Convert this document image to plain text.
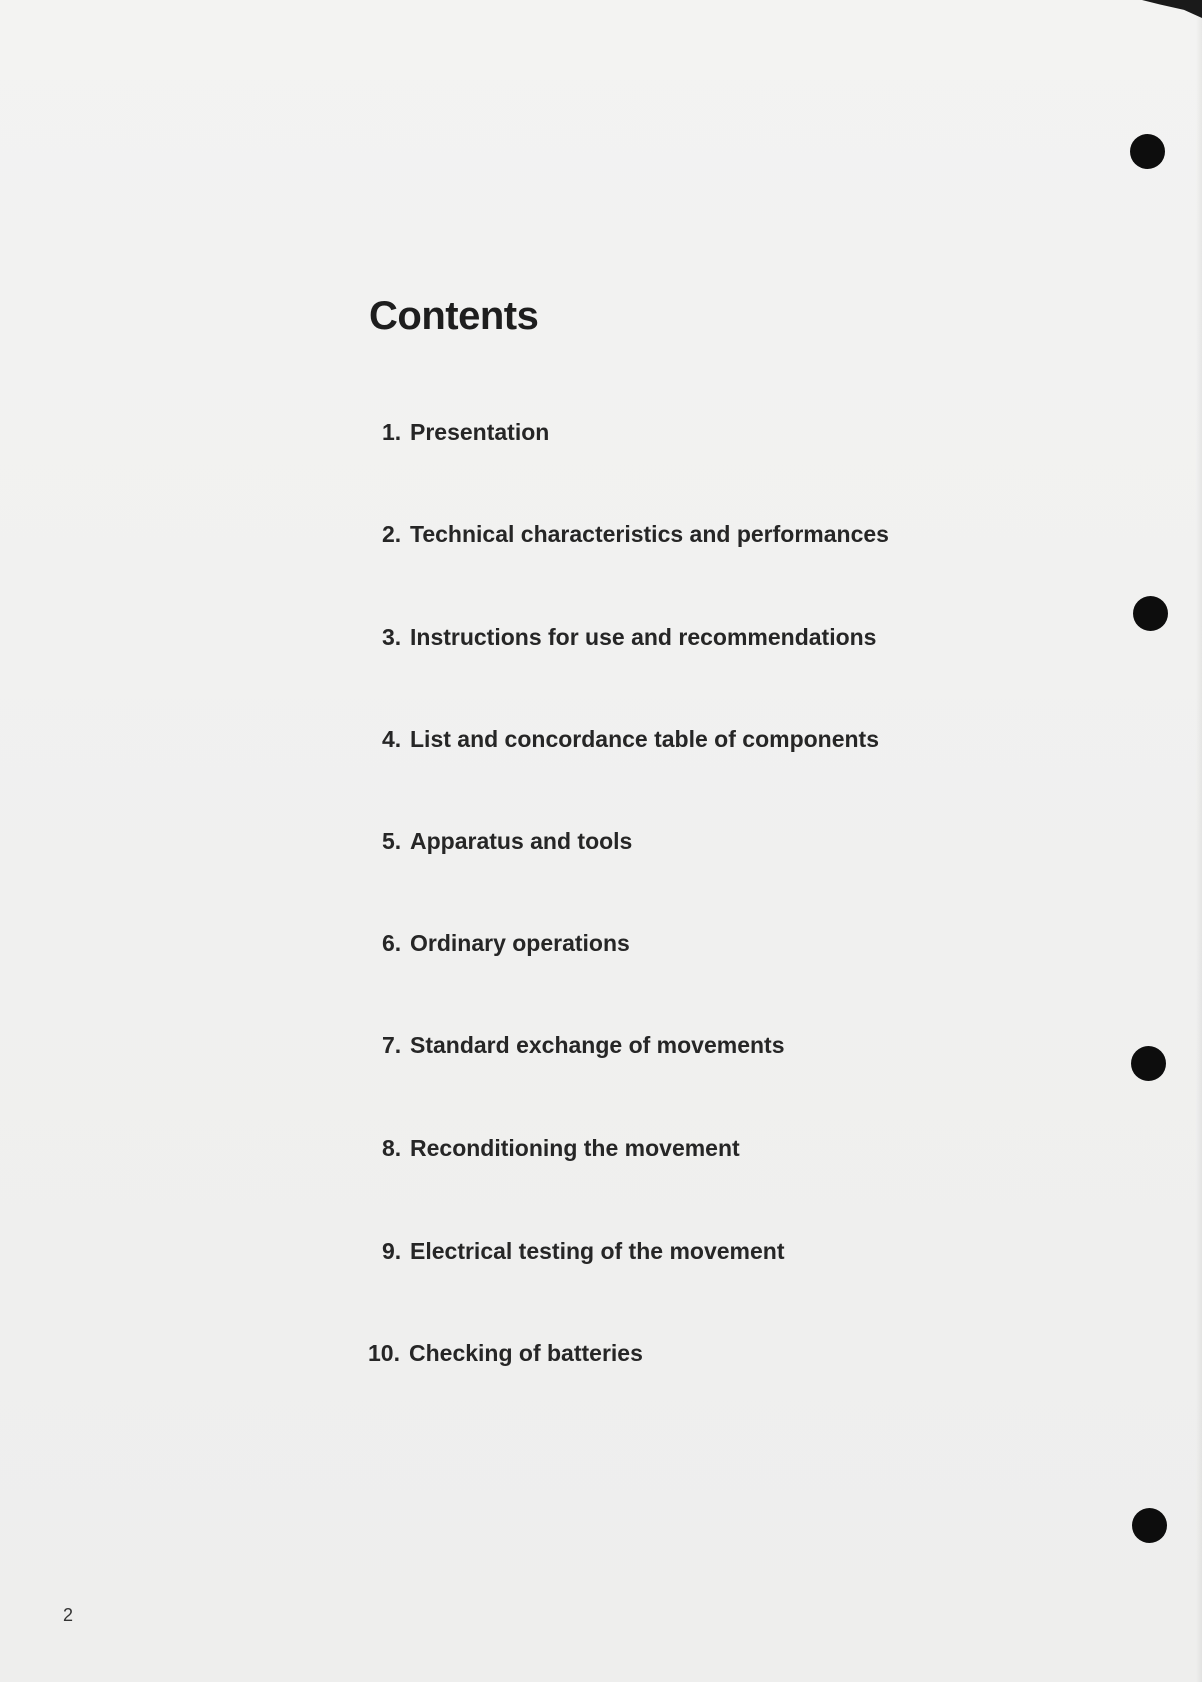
Contents
1. Presentation
2. Technical characteristics and performances
3. Instructions for use and recommendations
4. List and concordance table of components
5. Apparatus and tools
6. Ordinary operations
7. Standard exchange of movements
8. Reconditioning the movement
9. Electrical testing of the movement
10. Checking of batteries
2
